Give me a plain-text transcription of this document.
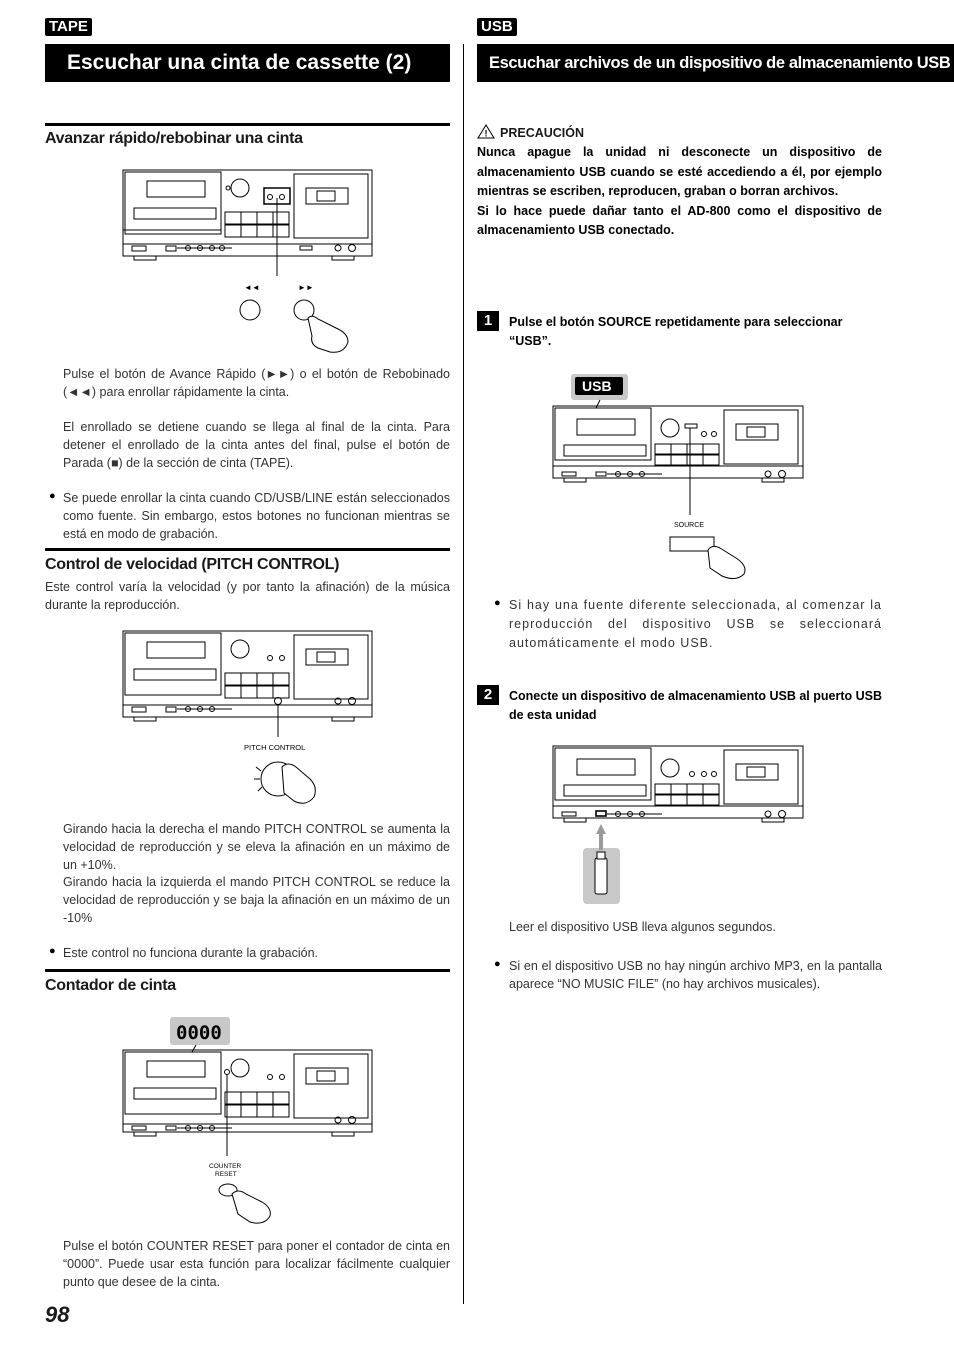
TAPE
Escuchar una cinta de cassette (2)
USB
Escuchar archivos de un dispositivo de almacenamiento USB (MP3) (1)
Avanzar rápido/rebobinar una cinta
◄◄	►►
Pulse el botón de Avance Rápido (►►) o el botón de Rebobinado (◄◄) para enrollar rápidamente la cinta.
El enrollado se detiene cuando se llega al final de la cinta. Para detener el enrollado de la cinta antes del final, pulse el botón de Parada (■) de la sección de cinta (TAPE).
● Se puede enrollar la cinta cuando CD/USB/LINE están seleccionados como fuente. Sin embargo, estos botones no funcionan mientras se está en modo de grabación.
Control de velocidad (PITCH CONTROL)
Este control varía la velocidad (y por tanto la afinación) de la música durante la reproducción.
PITCH CONTROL
Girando hacia la derecha el mando PITCH CONTROL se aumenta la velocidad de reproducción y se eleva la afinación en un máximo de un +10%.
Girando hacia la izquierda el mando PITCH CONTROL se reduce la velocidad de reproducción y se baja la afinación en un máximo de un -10%
● Este control no funciona durante la grabación.
Contador de cinta
0000
COUNTER
RESET
Pulse el botón COUNTER RESET para poner el contador de cinta en “0000”. Puede usar esta función para localizar fácilmente cualquier punto que desee de la cinta.
98
! PRECAUCIÓN
Nunca apague la unidad ni desconecte un dispositivo de almacenamiento USB cuando se esté accediendo a él, por ejemplo mientras se escriben, reproducen, graban o borran archivos.
Si lo hace puede dañar tanto el AD-800 como el dispositivo de almacenamiento USB conectado.
1	Pulse el botón SOURCE repetidamente para seleccionar “USB”.
USB
SOURCE
● Si hay una fuente diferente seleccionada, al comenzar la reproducción del dispositivo USB se seleccionará automáticamente el modo USB.
2	Conecte un dispositivo de almacenamiento USB al puerto USB de esta unidad
Leer el dispositivo USB lleva algunos segundos.
● Si en el dispositivo USB no hay ningún archivo MP3, en la pantalla aparece “NO MUSIC FILE” (no hay archivos musicales).
